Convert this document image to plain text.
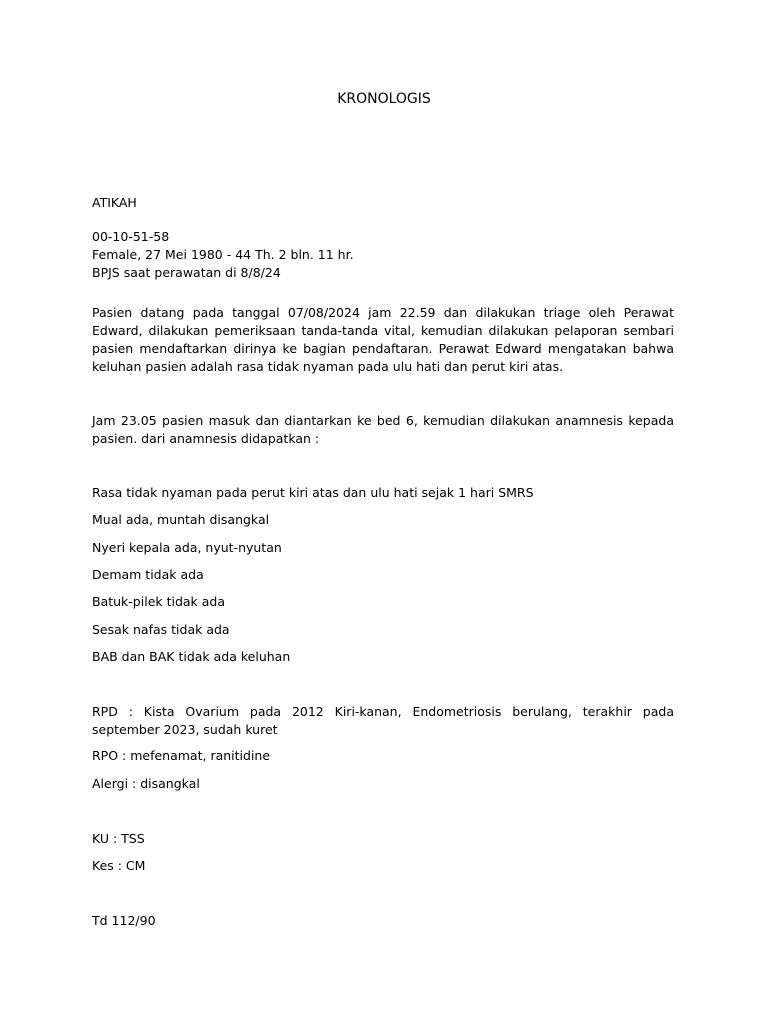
KRONOLOGIS

ATIKAH

00-10-51-58

Female, 27 Mei 1980 - 44 Th. 2 bln. 11 hr.

BPJS saat perawatan di 8/8/24

Pasien datang pada tanggal 07/08/2024 jam 22.59 dan dilakukan triage oleh Perawat Edward, dilakukan pemeriksaan tanda-tanda vital, kemudian dilakukan pelaporan sembari pasien mendaftarkan dirinya ke bagian pendaftaran. Perawat Edward mengatakan bahwa keluhan pasien adalah rasa tidak nyaman pada ulu hati dan perut kiri atas.

Jam 23.05 pasien masuk dan diantarkan ke bed 6, kemudian dilakukan anamnesis kepada pasien. dari anamnesis didapatkan :

Rasa tidak nyaman pada perut kiri atas dan ulu hati sejak 1 hari SMRS

Mual ada, muntah disangkal

Nyeri kepala ada, nyut-nyutan

Demam tidak ada

Batuk-pilek tidak ada

Sesak nafas tidak ada

BAB dan BAK tidak ada keluhan

RPD : Kista Ovarium pada 2012 Kiri-kanan, Endometriosis berulang, terakhir pada september 2023, sudah kuret

RPO : mefenamat, ranitidine

Alergi : disangkal

KU : TSS

Kes : CM

Td 112/90
